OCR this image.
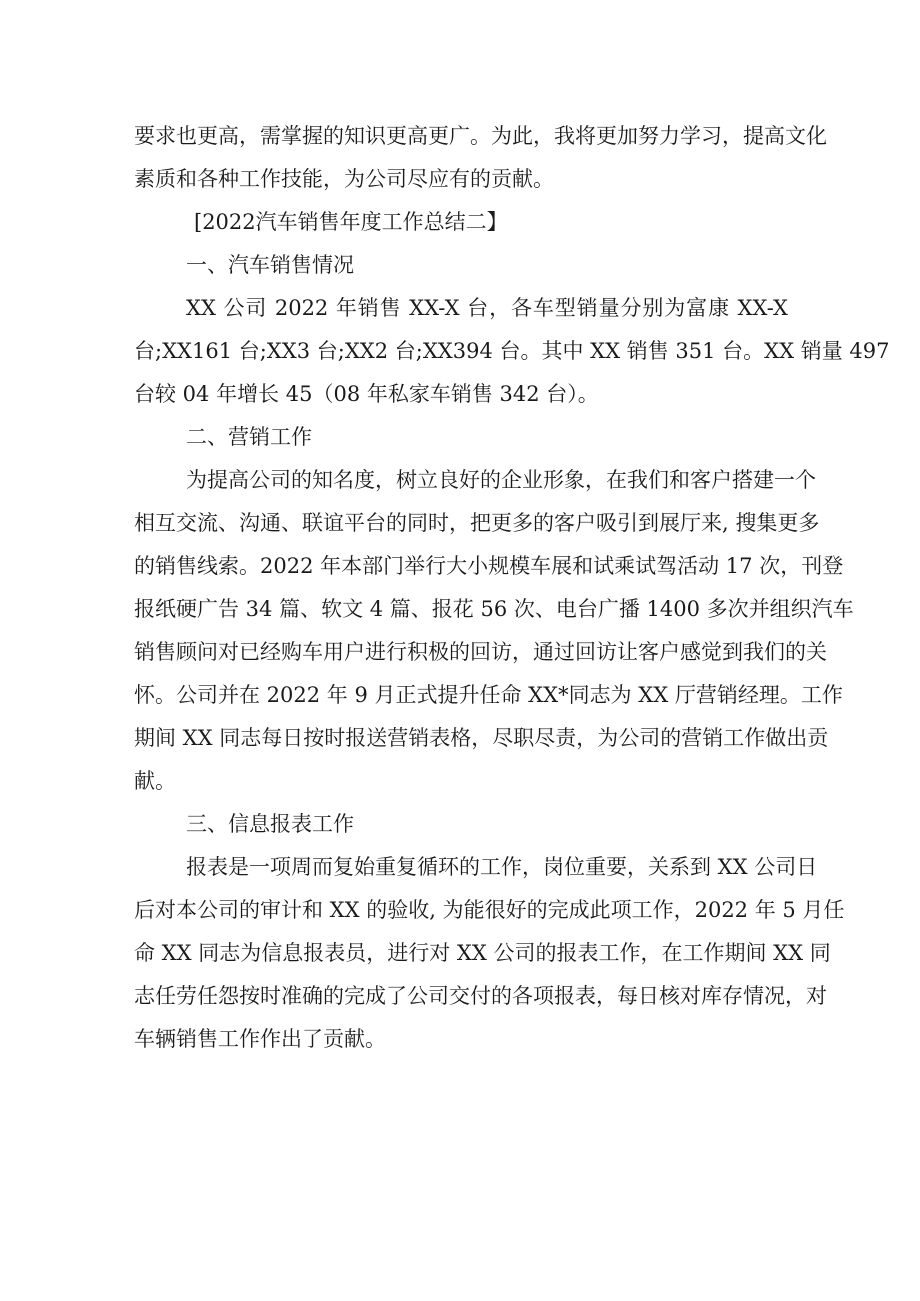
要求也更高，需掌握的知识更高更广。为此，我将更加努力学习，提高文化
素质和各种工作技能，为公司尽应有的贡献。
[2022汽车销售年度工作总结二】
一、汽车销售情况
XX 公司 2022 年销售 XX-X 台，各车型销量分别为富康 XX-X
台;XX161 台;XX3 台;XX2 台;XX394 台。其中 XX 销售 351 台。XX 销量 497
台较 04 年增长 45（08 年私家车销售 342 台）。
二、营销工作
为提高公司的知名度，树立良好的企业形象，在我们和客户搭建一个
相互交流、沟通、联谊平台的同时，把更多的客户吸引到展厅来, 搜集更多
的销售线索。2022 年本部门举行大小规模车展和试乘试驾活动 17 次，刊登
报纸硬广告 34 篇、软文 4 篇、报花 56 次、电台广播 1400 多次并组织汽车
销售顾问对已经购车用户进行积极的回访，通过回访让客户感觉到我们的关
怀。公司并在 2022 年 9 月正式提升任命 XX*同志为 XX 厅营销经理。工作
期间 XX 同志每日按时报送营销表格，尽职尽责，为公司的营销工作做出贡
献。
三、信息报表工作
报表是一项周而复始重复循环的工作，岗位重要，关系到 XX 公司日
后对本公司的审计和 XX 的验收, 为能很好的完成此项工作，2022 年 5 月任
命 XX 同志为信息报表员，进行对 XX 公司的报表工作，在工作期间 XX 同
志任劳任怨按时准确的完成了公司交付的各项报表，每日核对库存情况，对
车辆销售工作作出了贡献。
